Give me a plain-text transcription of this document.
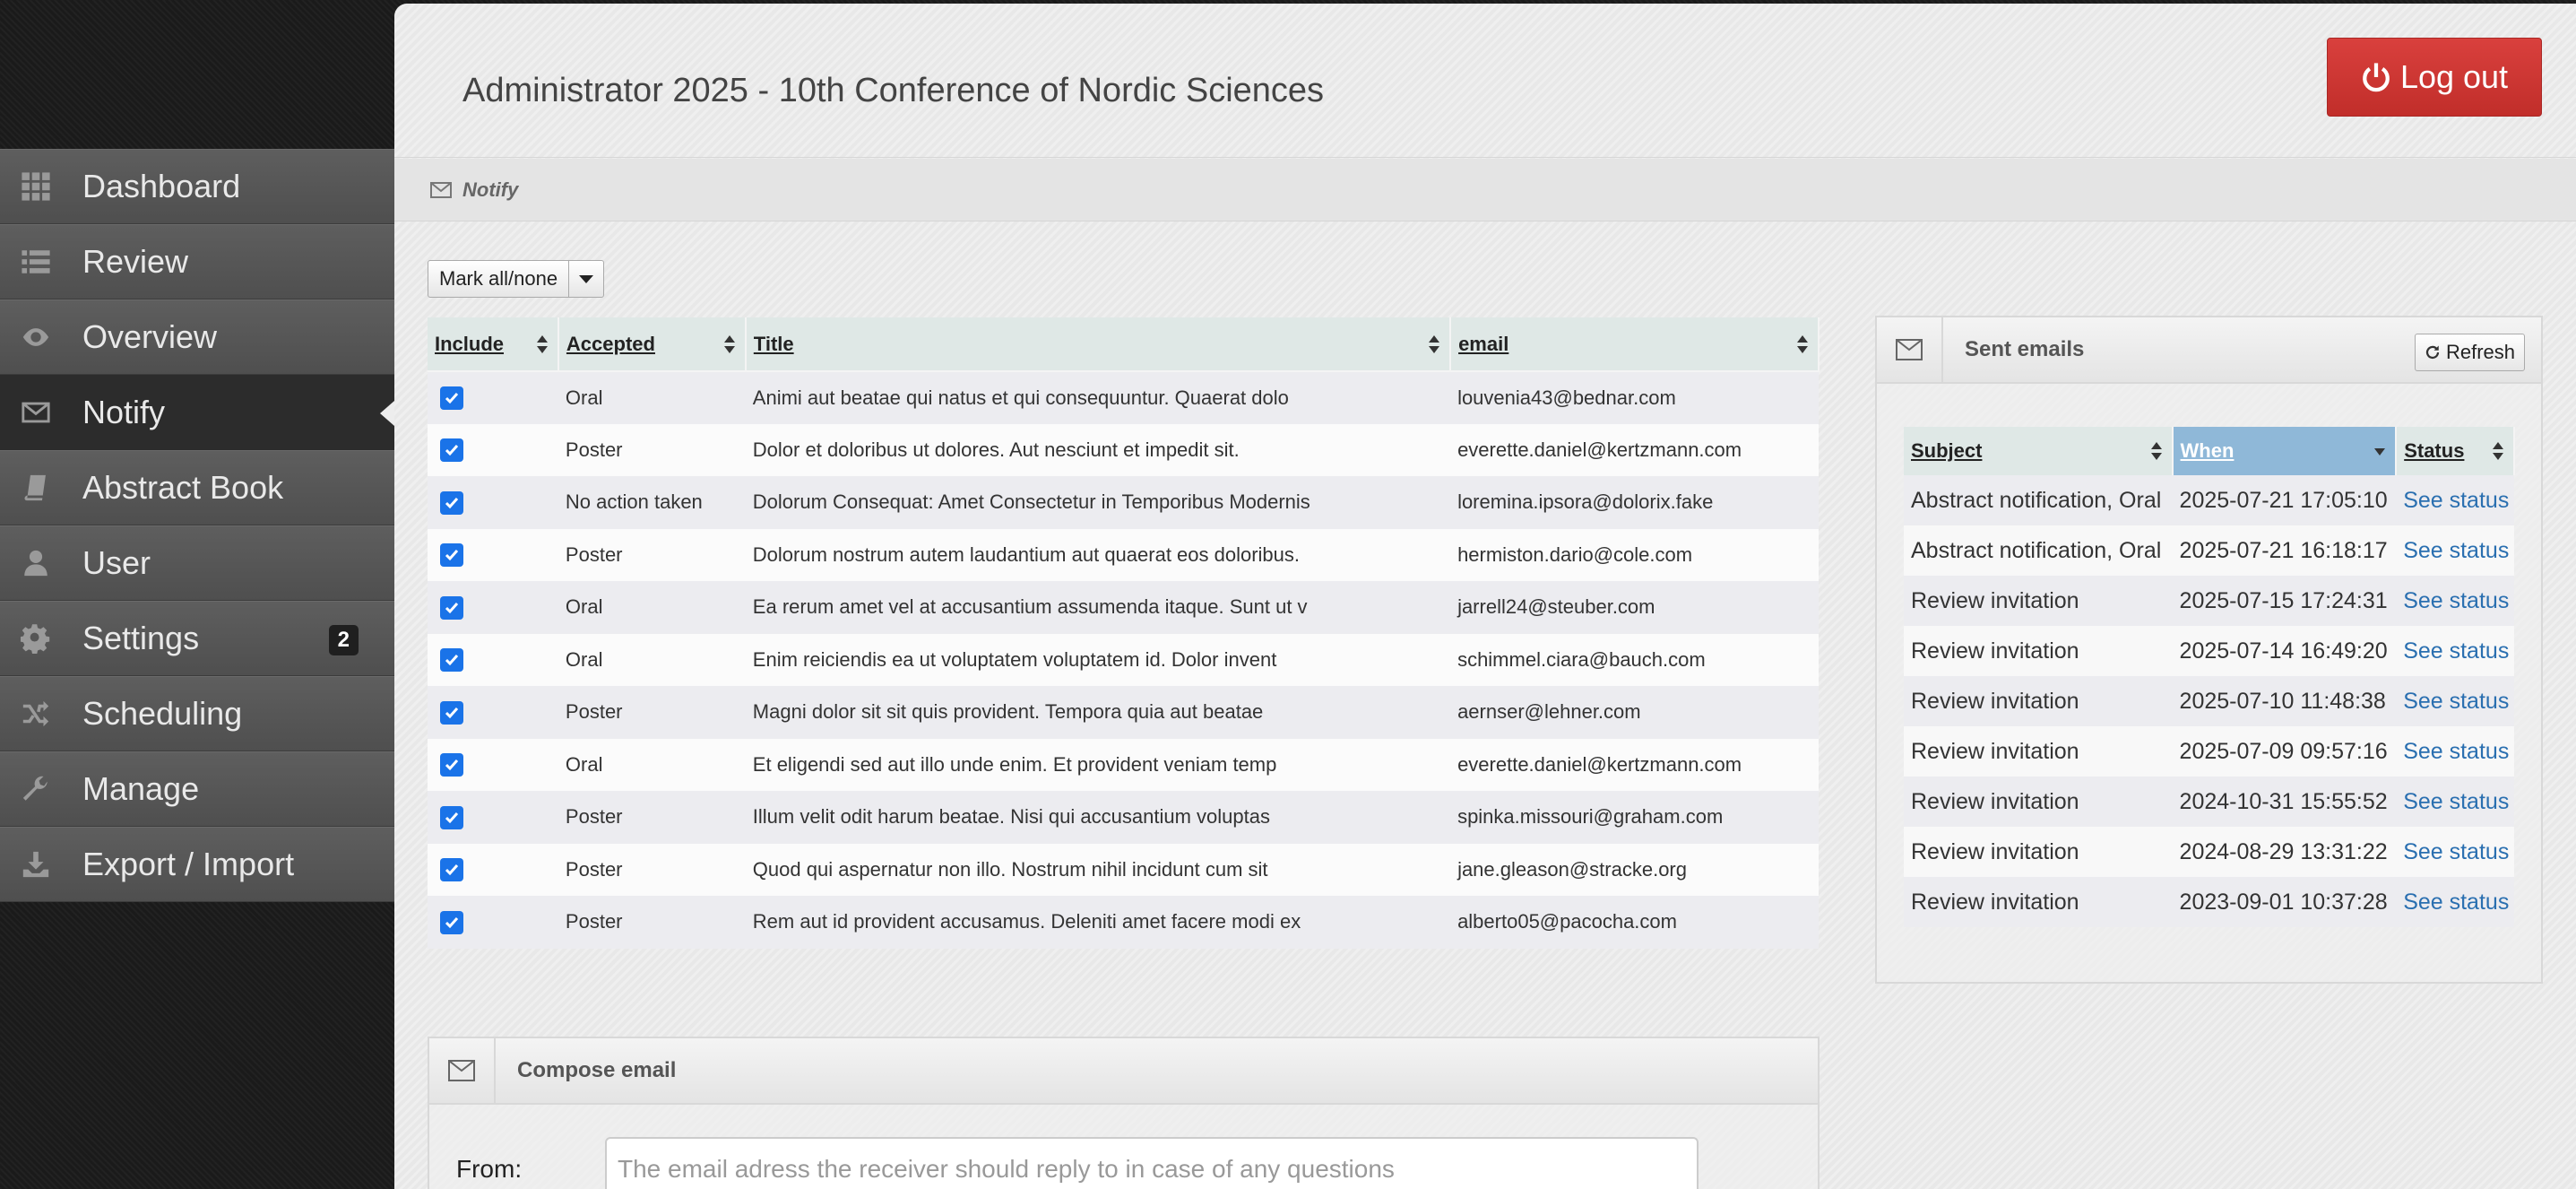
Dashboard
Review
Overview
Notify
Abstract Book
User
Settings	2
Scheduling
Manage
Export / Import
Administrator 2025 - 10th Conference of Nordic Sciences	Log out
Notify
Mark all/none
Include	Accepted	Title	email

	Oral	Animi aut beatae qui natus et qui consequuntur. Quaerat dolo	louvenia43@bednar.com

	Poster	Dolor et doloribus ut dolores. Aut nesciunt et impedit sit.	everette.daniel@kertzmann.com

	No action taken	Dolorum Consequat: Amet Consectetur in Temporibus Modernis	loremina.ipsora@dolorix.fake

	Poster	Dolorum nostrum autem laudantium aut quaerat eos doloribus.	hermiston.dario@cole.com

	Oral	Ea rerum amet vel at accusantium assumenda itaque. Sunt ut v	jarrell24@steuber.com

	Oral	Enim reiciendis ea ut voluptatem voluptatem id. Dolor invent	schimmel.ciara@bauch.com

	Poster	Magni dolor sit sit quis provident. Tempora quia aut beatae	aernser@lehner.com

	Oral	Et eligendi sed aut illo unde enim. Et provident veniam temp	everette.daniel@kertzmann.com

	Poster	Illum velit odit harum beatae. Nisi qui accusantium voluptas	spinka.missouri@graham.com

	Poster	Quod qui aspernatur non illo. Nostrum nihil incidunt cum sit	jane.gleason@stracke.org

	Poster	Rem aut id provident accusamus. Deleniti amet facere modi ex	alberto05@pacocha.com
Sent emails	Refresh
Subject	When	Status

Abstract notification, Oral	2025-07-21 17:05:10	See status
Abstract notification, Oral	2025-07-21 16:18:17	See status
Review invitation	2025-07-15 17:24:31	See status
Review invitation	2025-07-14 16:49:20	See status
Review invitation	2025-07-10 11:48:38	See status
Review invitation	2025-07-09 09:57:16	See status
Review invitation	2024-10-31 15:55:52	See status
Review invitation	2024-08-29 13:31:22	See status
Review invitation	2023-09-01 10:37:28	See status
Compose email
From:
The email adress the receiver should reply to in case of any questions
